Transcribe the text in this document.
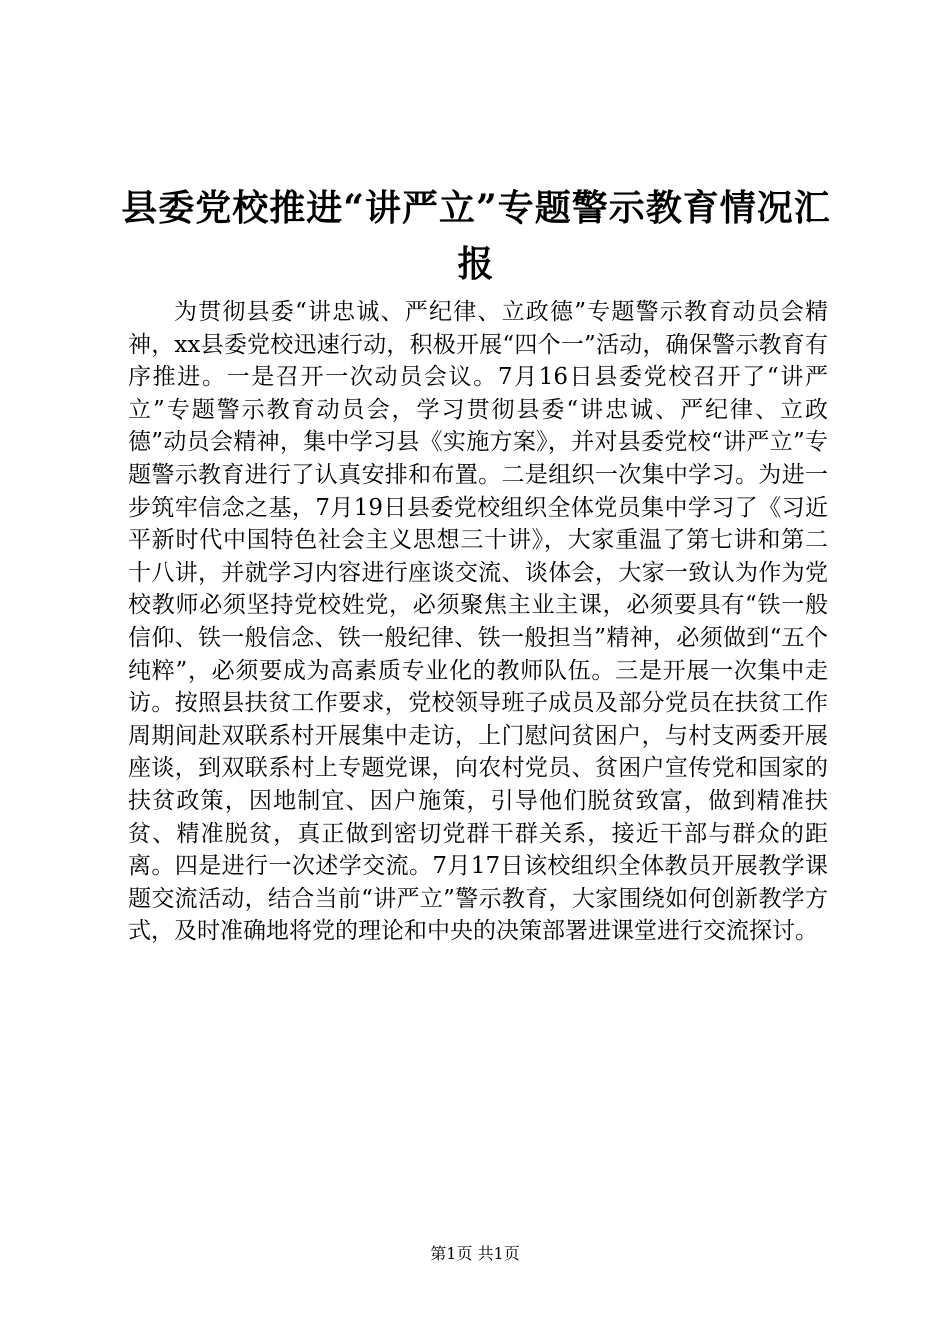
县委党校推进“讲严立”专题警示教育情况汇报

为贯彻县委“讲忠诚、严纪律、立政德”专题警示教育动员会精神，xx县委党校迅速行动，积极开展“四个一”活动，确保警示教育有序推进。一是召开一次动员会议。7月16日县委党校召开了“讲严立”专题警示教育动员会，学习贯彻县委“讲忠诚、严纪律、立政德”动员会精神，集中学习县《实施方案》，并对县委党校“讲严立”专题警示教育进行了认真安排和布置。二是组织一次集中学习。为进一步筑牢信念之基，7月19日县委党校组织全体党员集中学习了《习近平新时代中国特色社会主义思想三十讲》，大家重温了第七讲和第二十八讲，并就学习内容进行座谈交流、谈体会，大家一致认为作为党校教师必须坚持党校姓党，必须聚焦主业主课，必须要具有“铁一般信仰、铁一般信念、铁一般纪律、铁一般担当”精神，必须做到“五个纯粹”，必须要成为高素质专业化的教师队伍。三是开展一次集中走访。按照县扶贫工作要求，党校领导班子成员及部分党员在扶贫工作周期间赴双联系村开展集中走访，上门慰问贫困户，与村支两委开展座谈，到双联系村上专题党课，向农村党员、贫困户宣传党和国家的扶贫政策，因地制宜、因户施策，引导他们脱贫致富，做到精准扶贫、精准脱贫，真正做到密切党群干群关系，接近干部与群众的距离。四是进行一次述学交流。7月17日该校组织全体教员开展教学课题交流活动，结合当前“讲严立”警示教育，大家围绕如何创新教学方式，及时准确地将党的理论和中央的决策部署进课堂进行交流探讨。

第1页 共1页
